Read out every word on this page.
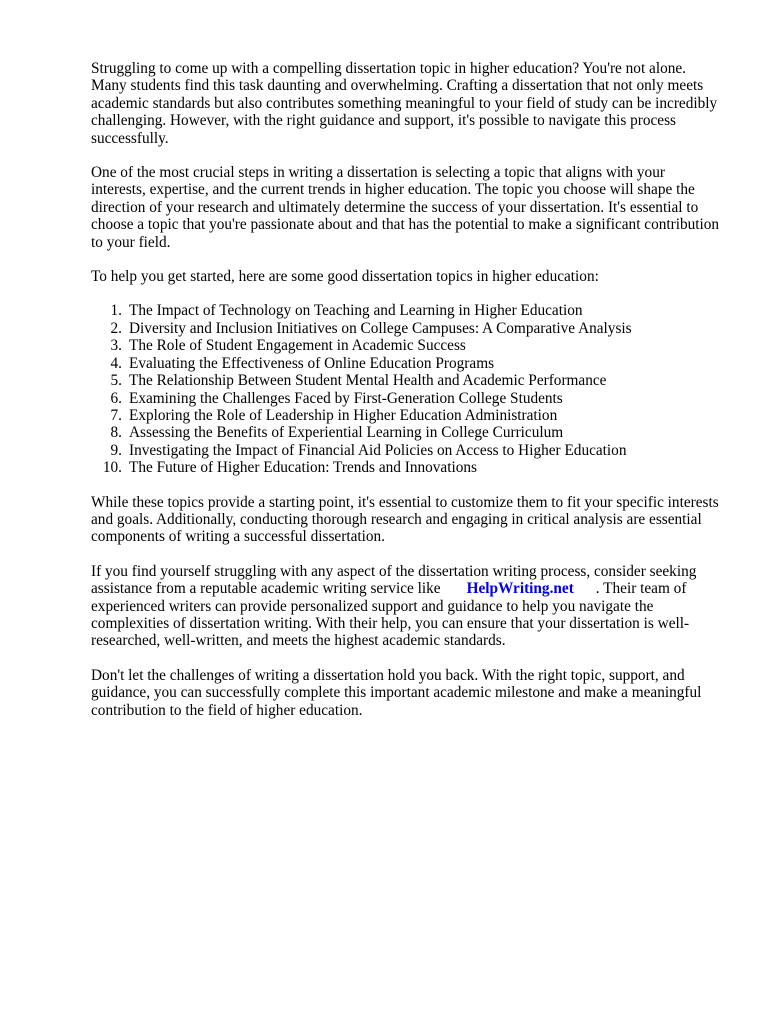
Struggling to come up with a compelling dissertation topic in higher education? You're not alone. Many students find this task daunting and overwhelming. Crafting a dissertation that not only meets academic standards but also contributes something meaningful to your field of study can be incredibly challenging. However, with the right guidance and support, it's possible to navigate this process successfully.

One of the most crucial steps in writing a dissertation is selecting a topic that aligns with your interests, expertise, and the current trends in higher education. The topic you choose will shape the direction of your research and ultimately determine the success of your dissertation. It's essential to choose a topic that you're passionate about and that has the potential to make a significant contribution to your field.

To help you get started, here are some good dissertation topics in higher education:

1. The Impact of Technology on Teaching and Learning in Higher Education
2. Diversity and Inclusion Initiatives on College Campuses: A Comparative Analysis
3. The Role of Student Engagement in Academic Success
4. Evaluating the Effectiveness of Online Education Programs
5. The Relationship Between Student Mental Health and Academic Performance
6. Examining the Challenges Faced by First-Generation College Students
7. Exploring the Role of Leadership in Higher Education Administration
8. Assessing the Benefits of Experiential Learning in College Curriculum
9. Investigating the Impact of Financial Aid Policies on Access to Higher Education
10. The Future of Higher Education: Trends and Innovations

While these topics provide a starting point, it's essential to customize them to fit your specific interests and goals. Additionally, conducting thorough research and engaging in critical analysis are essential components of writing a successful dissertation.

If you find yourself struggling with any aspect of the dissertation writing process, consider seeking assistance from a reputable academic writing service like HelpWriting.net . Their team of experienced writers can provide personalized support and guidance to help you navigate the complexities of dissertation writing. With their help, you can ensure that your dissertation is well-researched, well-written, and meets the highest academic standards.

Don't let the challenges of writing a dissertation hold you back. With the right topic, support, and guidance, you can successfully complete this important academic milestone and make a meaningful contribution to the field of higher education.
